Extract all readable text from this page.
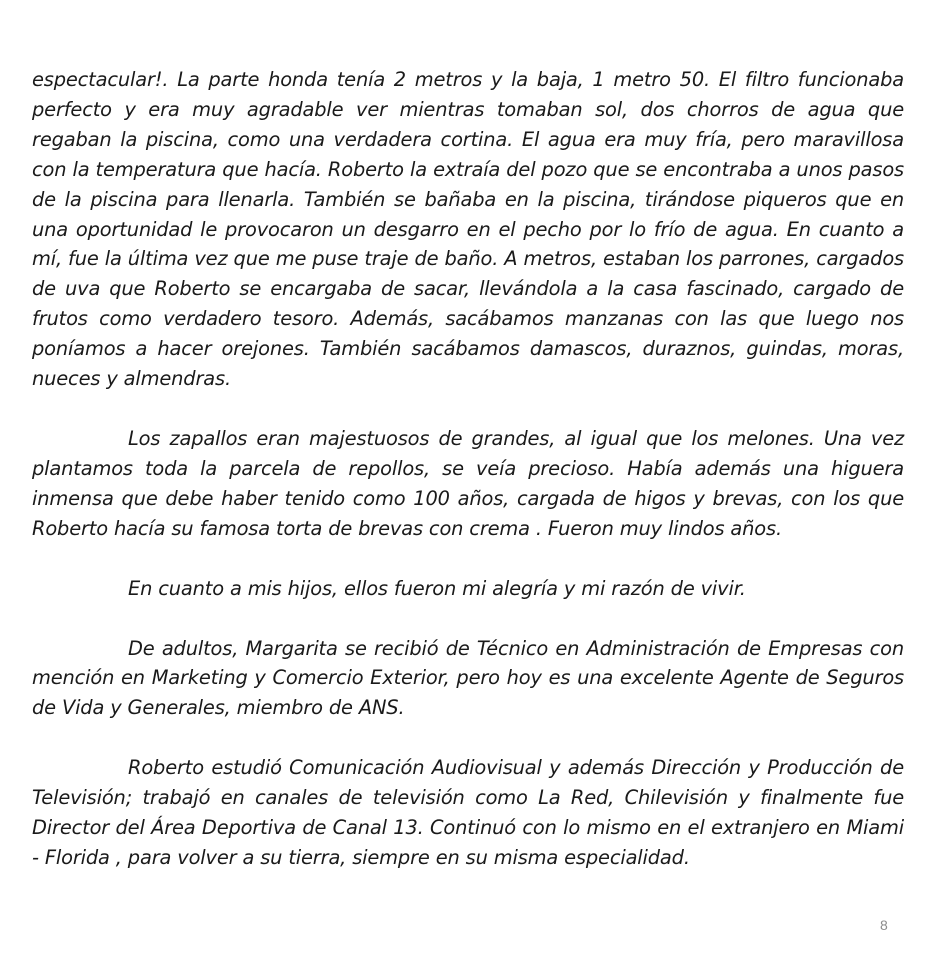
espectacular!. La parte honda tenía 2 metros y la baja, 1 metro 50. El filtro funcionaba perfecto y era muy agradable ver mientras tomaban sol, dos chorros de agua que regaban la piscina, como una verdadera cortina. El agua era muy fría, pero maravillosa con la temperatura que hacía. Roberto la extraía del pozo que se encontraba a unos pasos de la piscina para llenarla. También se bañaba en la piscina, tirándose piqueros que en una oportunidad le provocaron un desgarro en el pecho por lo frío de agua. En cuanto a mí, fue la última vez que me puse traje de baño. A metros, estaban los parrones, cargados de uva que Roberto se encargaba de sacar, llevándola a la casa fascinado, cargado de frutos como verdadero tesoro. Además, sacábamos manzanas con las que luego nos poníamos a hacer orejones. También sacábamos damascos, duraznos, guindas, moras, nueces y almendras.

Los zapallos eran majestuosos de grandes, al igual que los melones. Una vez plantamos toda la parcela de repollos, se veía precioso. Había además una higuera inmensa que debe haber tenido como 100 años, cargada de higos y brevas, con los que Roberto hacía su famosa torta de brevas con crema . Fueron muy lindos años.

En cuanto a mis hijos, ellos fueron mi alegría y mi razón de vivir.

De adultos, Margarita se recibió de Técnico en Administración de Empresas con mención en Marketing y Comercio Exterior, pero hoy es una excelente Agente de Seguros de Vida y Generales, miembro de ANS.

Roberto estudió Comunicación Audiovisual y además Dirección y Producción de Televisión; trabajó en canales de televisión como La Red, Chilevisión y finalmente fue Director del Área Deportiva de Canal 13. Continuó con lo mismo en el extranjero en Miami - Florida , para volver a su tierra, siempre en su misma especialidad.

8
